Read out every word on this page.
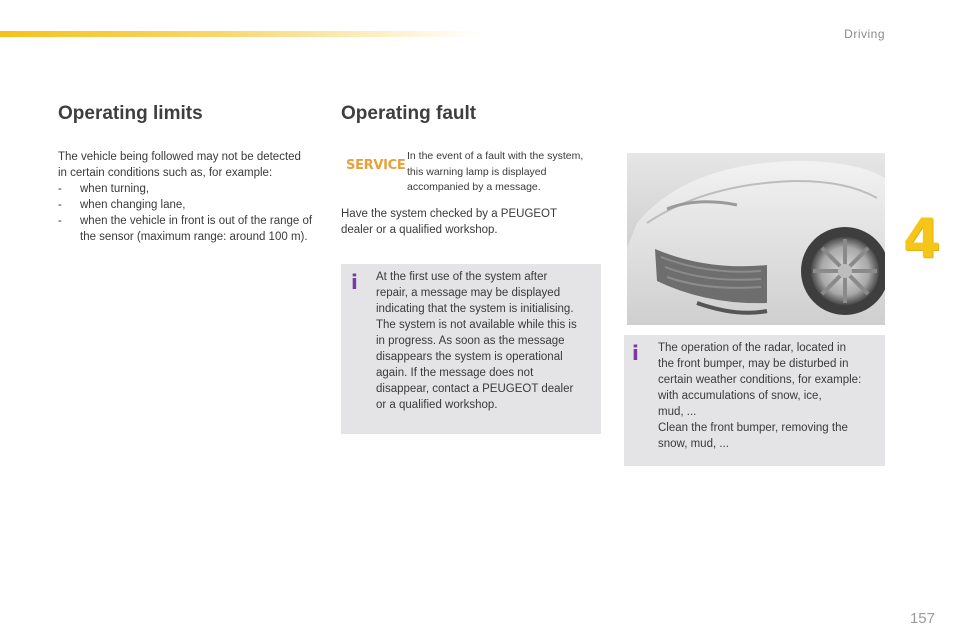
Driving
4
Operating limits
The vehicle being followed may not be detected
in certain conditions such as, for example:
- when turning,
- when changing lane,
- when the vehicle in front is out of the range of the sensor (maximum range: around 100 m).
Operating fault
SERVICE
In the event of a fault with the system,
this warning lamp is displayed
accompanied by a message.
Have the system checked by a PEUGEOT
dealer or a qualified workshop.
i At the first use of the system after
repair, a message may be displayed
indicating that the system is initialising.
The system is not available while this is
in progress. As soon as the message
disappears the system is operational
again. If the message does not
disappear, contact a PEUGEOT dealer
or a qualified workshop.
i The operation of the radar, located in
the front bumper, may be disturbed in
certain weather conditions, for example:
with accumulations of snow, ice,
mud, ...
Clean the front bumper, removing the
snow, mud, ...
157
